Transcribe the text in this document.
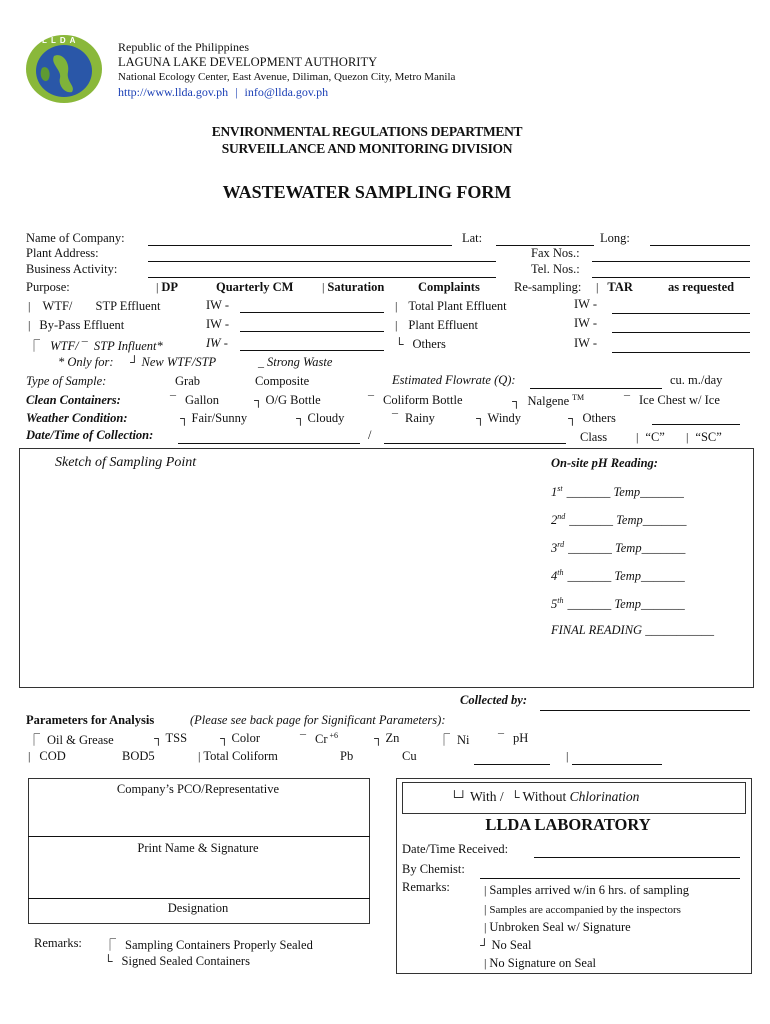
L L D A	Republic of the Philippines
LAGUNA LAKE DEVELOPMENT AUTHORITY
National Ecology Center, East Avenue, Diliman, Quezon City, Metro Manila
http://www.llda.gov.ph | info@llda.gov.ph
ENVIRONMENTAL REGULATIONS DEPARTMENT
SURVEILLANCE AND MONITORING DIVISION
WASTEWATER SAMPLING FORM
Name of Company:	Lat:	Long:
Plant Address:	Fax Nos.:
Business Activity:	Tel. Nos.:
Purpose:	| DP	Quarterly CM | Saturation	Complaints	Re-sampling: | TAR	as requested
| WTF/ STP Effluent	IW -	| Total Plant Effluent	IW -
| By-Pass Effluent	IW -	| Plant Effluent	IW -
⎾ WTF/ ¯ STP Influent*	IW -	└ Others	IW -
* Only for: ┘ New WTF/STP	_ Strong Waste
Type of Sample:	Grab	Composite	Estimated Flowrate (Q):	cu. m./day
Clean Containers:	¯ Gallon	┐ O/G Bottle	¯ Coliform Bottle	┐ Nalgene ™	¯ Ice Chest w/ Ice
Weather Condition:	┐ Fair/Sunny	┐ Cloudy	¯ Rainy	┐ Windy	┐ Others
Date/Time of Collection:	/	Class | “C” | “SC”
Sketch of Sampling Point	On-site pH Reading:
1st _______ Temp_______
2nd _______ Temp_______
3rd _______ Temp_______
4th _______ Temp_______
5th _______ Temp_______
FINAL READING ___________
Collected by:
Parameters for Analysis	(Please see back page for Significant Parameters):
⎾ Oil & Grease	┐ TSS	┐ Color	¯ Cr $^{+6}$	┐ Zn	⎾ Ni ¯ pH
| COD	BOD5	| Total Coliform	Pb	Cu	|
Company’s PCO/Representative
Print Name & Signature
Designation
Remarks: ⎾ Sampling Containers Properly Sealed
└ Signed Sealed Containers
└┘ With / └ Without Chlorination
LLDA LABORATORY
Date/Time Received:
By Chemist:
Remarks:	| Samples arrived w/in 6 hrs. of sampling
| Samples are accompanied by the inspectors
| Unbroken Seal w/ Signature
┘ No Seal
| No Signature on Seal
